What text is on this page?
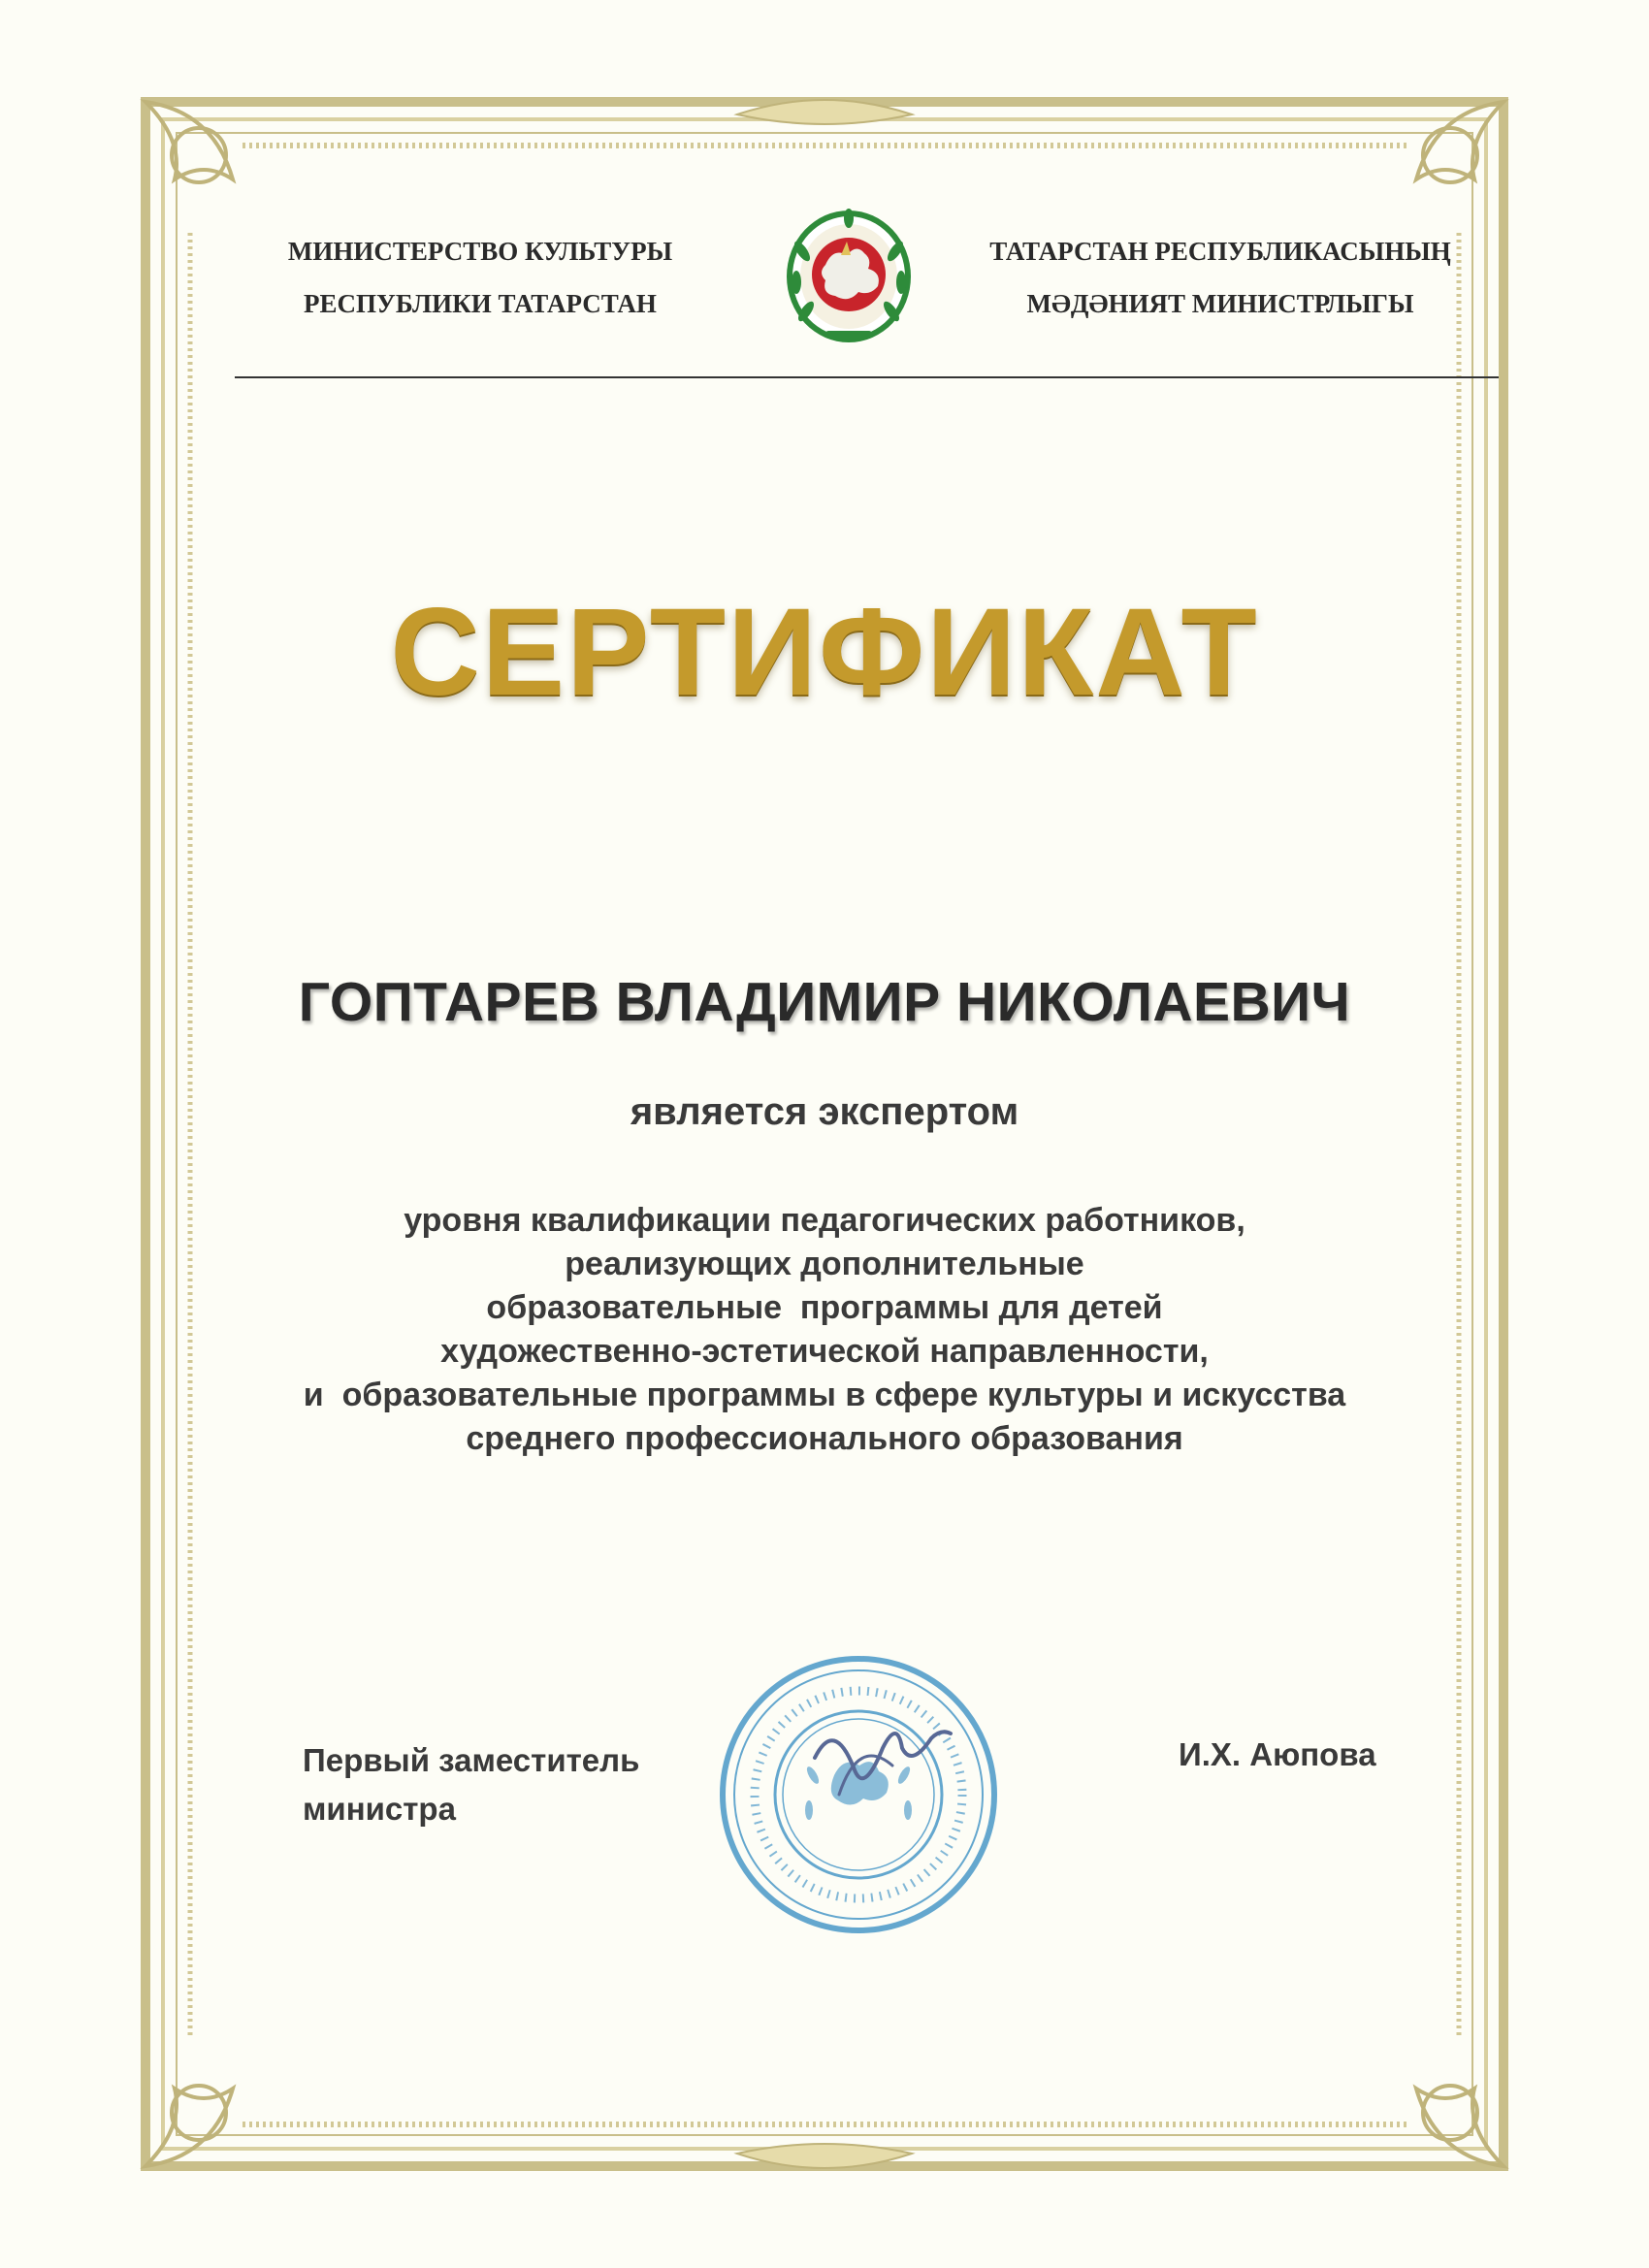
МИНИСТЕРСТВО КУЛЬТУРЫ
РЕСПУБЛИКИ ТАТАРСТАН
ТАТАРСТАН РЕСПУБЛИКАСЫНЫҢ
МӘДӘНИЯТ МИНИСТРЛЫГЫ
СЕРТИФИКАТ
ГОПТАРЕВ ВЛАДИМИР НИКОЛАЕВИЧ
является экспертом
уровня квалификации педагогических работников,
реализующих дополнительные
образовательные  программы для детей
художественно-эстетической направленности,
и  образовательные программы в сфере культуры и искусства
среднего профессионального образования
Первый заместитель
министра
И.Х. Аюпова
